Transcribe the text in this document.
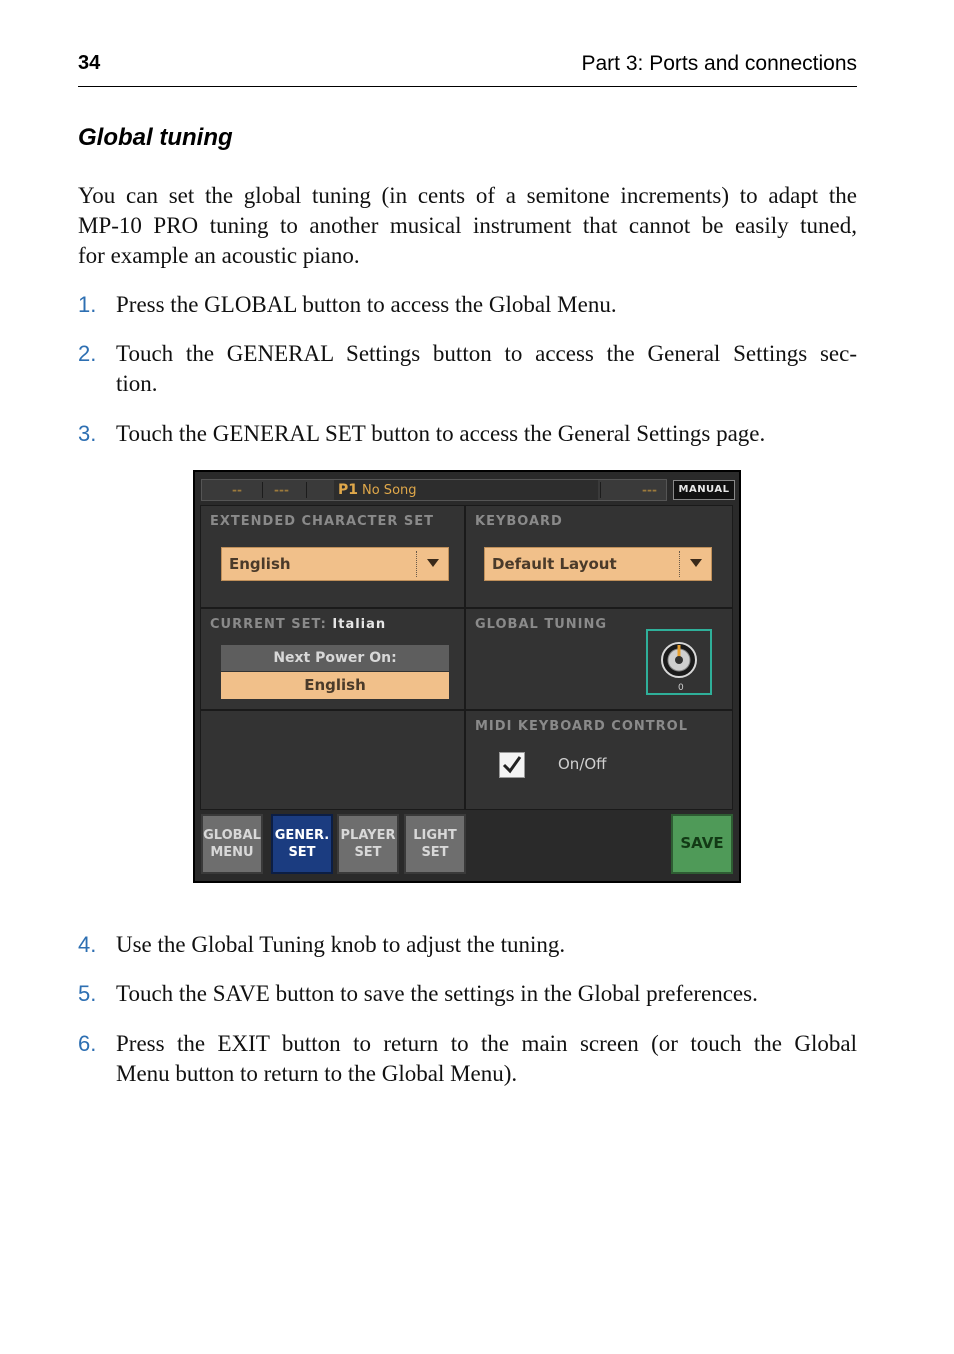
34	Part 3: Ports and connections
Global tuning
You can set the global tuning (in cents of a semitone increments) to adapt the
MP-10 PRO tuning to another musical instrument that cannot be easily tuned,
for example an acoustic piano.
1. Press the GLOBAL button to access the Global Menu.
2. Touch the GENERAL Settings button to access the General Settings sec-
tion.
3. Touch the GENERAL SET button to access the General Settings page.
--	---	P1 No Song	---	MANUAL
EXTENDED CHARACTER SET
English
KEYBOARD
Default Layout
CURRENT SET: Italian
Next Power On:
English
GLOBAL TUNING
0
MIDI KEYBOARD CONTROL
On/Off
GLOBAL
MENU
GENER.
SET
PLAYER
SET
LIGHT
SET
SAVE
4. Use the Global Tuning knob to adjust the tuning.
5. Touch the SAVE button to save the settings in the Global preferences.
6. Press the EXIT button to return to the main screen (or touch the Global
Menu button to return to the Global Menu).
